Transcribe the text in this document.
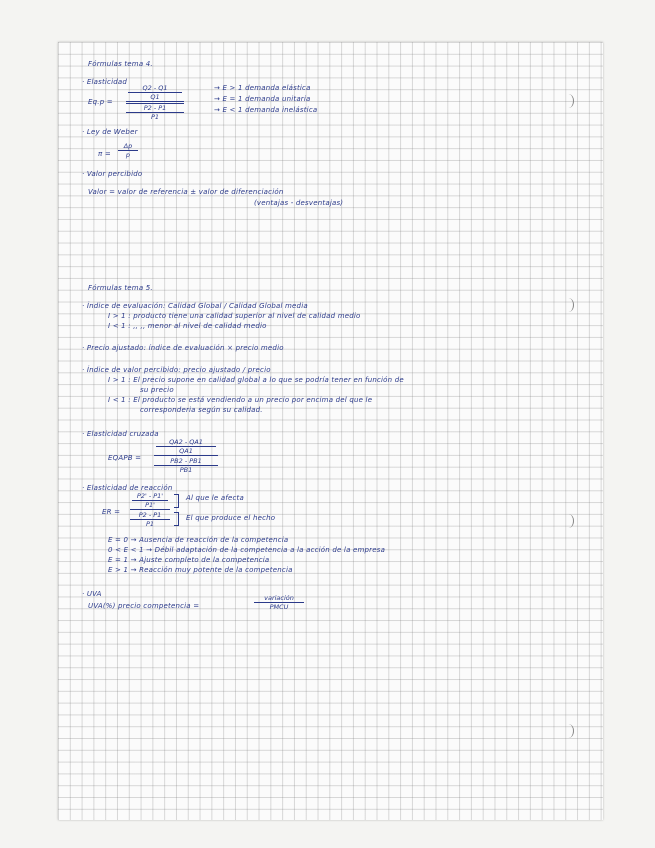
Fórmulas tema 4.
· Elasticidad
Eq.p = Q2 - Q1
Q1
P2 - P1
P1	→ E > 1 demanda elástica
→ E = 1 demanda unitaria
→ E < 1 demanda inelástica
· Ley de Weber
$\pi = \frac{\Delta p}{p}$
· Valor percibido
Valor = valor de referencia ± valor de diferenciación
(ventajas - desventajas)
Fórmulas tema 5.
· Índice de evaluación: Calidad Global / Calidad Global media
I > 1 : producto tiene una calidad superior al nivel de calidad medio
I < 1 : ,, ,, menor al nivel de calidad medio
· Precio ajustado: índice de evaluación × precio medio
· Índice de valor percibido: precio ajustado / precio
I > 1 : El precio supone en calidad global a lo que se podría tener en función de
su precio
I < 1 : El producto se está vendiendo a un precio por encima del que le
corresponderia según su calidad.
· Elasticidad cruzada
EQAPB = QA2 - QA1
QA1
PB2 - PB1
PB1
· Elasticidad de reacción
ER = P2' - P1'
P1'
P2 - P1
P1 Al que le afecta
El que produce el hecho
E = 0 → Ausencia de reacción de la competencia
0 < E < 1 → Débil adaptación de la competencia a la acción de la empresa
E = 1 → Ajuste completo de la competencia
E > 1 → Reacción muy potente de la competencia
· UVA
UVA(%) precio competencia =
variación
PMCU
